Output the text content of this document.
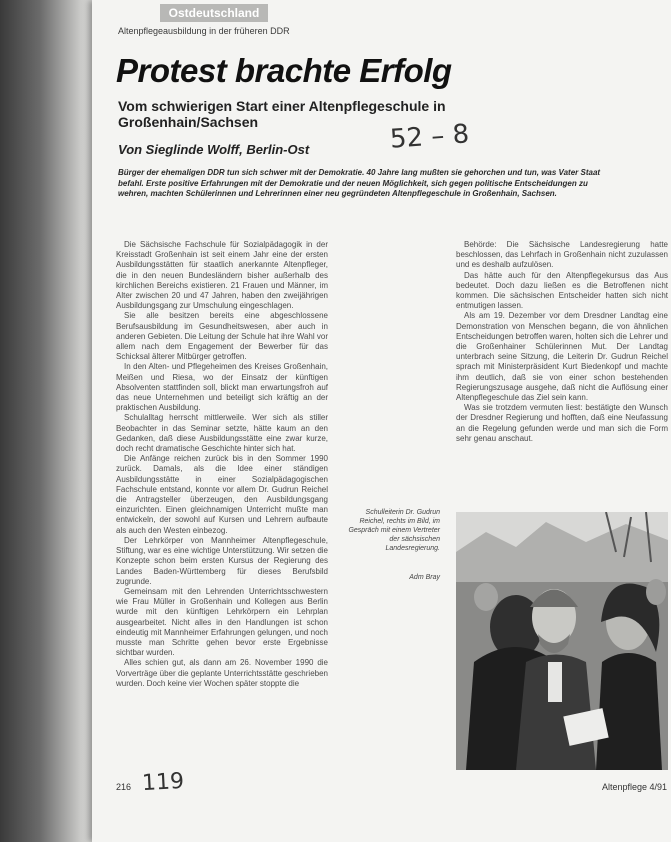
Ostdeutschland
Altenpflegeausbildung in der früheren DDR
Protest brachte Erfolg
Vom schwierigen Start einer Altenpflegeschule in Großenhain/Sachsen
Von Sieglinde Wolff, Berlin-Ost	52 – 8

Bürger der ehemaligen DDR tun sich schwer mit der Demokratie. 40 Jahre lang mußten sie gehorchen und tun, was Vater Staat befahl. Erste positive Erfahrungen mit der Demokratie und der neuen Möglichkeit, sich gegen politische Entscheidungen zu wehren, machten Schülerinnen und Lehrerinnen einer neu gegründeten Altenpflegeschule in Großenhain, Sachsen.

Die Sächsische Fachschule für Sozialpädagogik in der Kreisstadt Großenhain ist seit einem Jahr eine der ersten Ausbildungsstätten für staatlich anerkannte Altenpfleger, die in den neuen Bundesländern bisher außerhalb des kirchlichen Bereichs existieren. 21 Frauen und Männer, im Alter zwischen 20 und 47 Jahren, haben den zweijährigen Ausbildungsgang zur Umschulung eingeschlagen.

Sie alle besitzen bereits eine abgeschlossene Berufsausbildung im Gesundheitswesen, aber auch in anderen Gebieten. Die Leitung der Schule hat ihre Wahl vor allem nach dem Engagement der Bewerber für das Schicksal älterer Mitbürger getroffen.

In den Alten- und Pflegeheimen des Kreises Großenhain, Meißen und Riesa, wo der Einsatz der künftigen Absolventen stattfinden soll, blickt man erwartungsfroh auf das neue Unternehmen und beteiligt sich kräftig an der praktischen Ausbildung.

Schulalltag herrscht mittlerweile. Wer sich als stiller Beobachter in das Seminar setzte, hätte kaum an den Gedanken, daß diese Ausbildungsstätte eine zwar kurze, doch recht dramatische Geschichte hinter sich hat.

Die Anfänge reichen zurück bis in den Sommer 1990 zurück. Damals, als die Idee einer ständigen Ausbildungsstätte in einer Sozialpädagogischen Fachschule entstand, konnte vor allem Dr. Gudrun Reichel die Antragsteller überzeugen, den Ausbildungsgang einzurichten. Einen gleichnamigen Unterricht mußte man entwickeln, der sowohl auf Kursen und Lehrern aufbaute als auch den Westen einbezog.

Der Lehrkörper von Mannheimer Altenpflegeschule, Stiftung, war es eine wichtige Unterstützung. Wir setzen die Konzepte schon beim ersten Kursus der Regierung des Landes Baden-Württemberg für dieses Berufsbild zugrunde.

Gemeinsam mit den Lehrenden Unterrichtsschwestern wie Frau Müller in Großenhain und Kollegen aus Berlin wurde mit den künftigen Lehrkörpern ein Lehrplan ausgearbeitet. Nicht alles in den Handlungen ist schon eindeutig mit Mannheimer Erfahrungen gelungen, und noch musste man Schritte gehen bevor erste Ergebnisse sichtbar wurden.

Alles schien gut, als dann am 26. November 1990 die Vorverträge über die geplante Unterrichtsstätte geschrieben wurden. Doch keine vier Wochen später stoppte die

Behörde: Die Sächsische Landesregierung hatte beschlossen, das Lehrfach in Großenhain nicht zuzulassen und es deshalb aufzulösen.

Das hätte auch für den Altenpflegekursus das Aus bedeutet. Doch dazu ließen es die Betroffenen nicht kommen. Die sächsischen Entscheider hatten sich nicht entmutigen lassen.

Als am 19. Dezember vor dem Dresdner Landtag eine Demonstration von Menschen begann, die von ähnlichen Entscheidungen betroffen waren, holten sich die Lehrer und die Großenhainer Schülerinnen Mut. Der Landtag unterbrach seine Sitzung, die Leiterin Dr. Gudrun Reichel sprach mit Ministerpräsident Kurt Biedenkopf und machte ihm deutlich, daß sie von einer schon bestehenden Regierungszusage ausgehe, daß nicht die Auflösung einer Altenpflegeschule das Ziel sein kann.

Was sie trotzdem vermuten liest: bestätigte den Wunsch der Dresdner Regierung und hofften, daß eine Neufassung an die Regelung gefunden werde und man sich die Form sehr genau anschaut.

Schulleiterin Dr. Gudrun Reichel, rechts im Bild, im Gespräch mit einem Vertreter der sächsischen Landesregierung.
Adm Bray
216 119	Altenpflege 4/91
